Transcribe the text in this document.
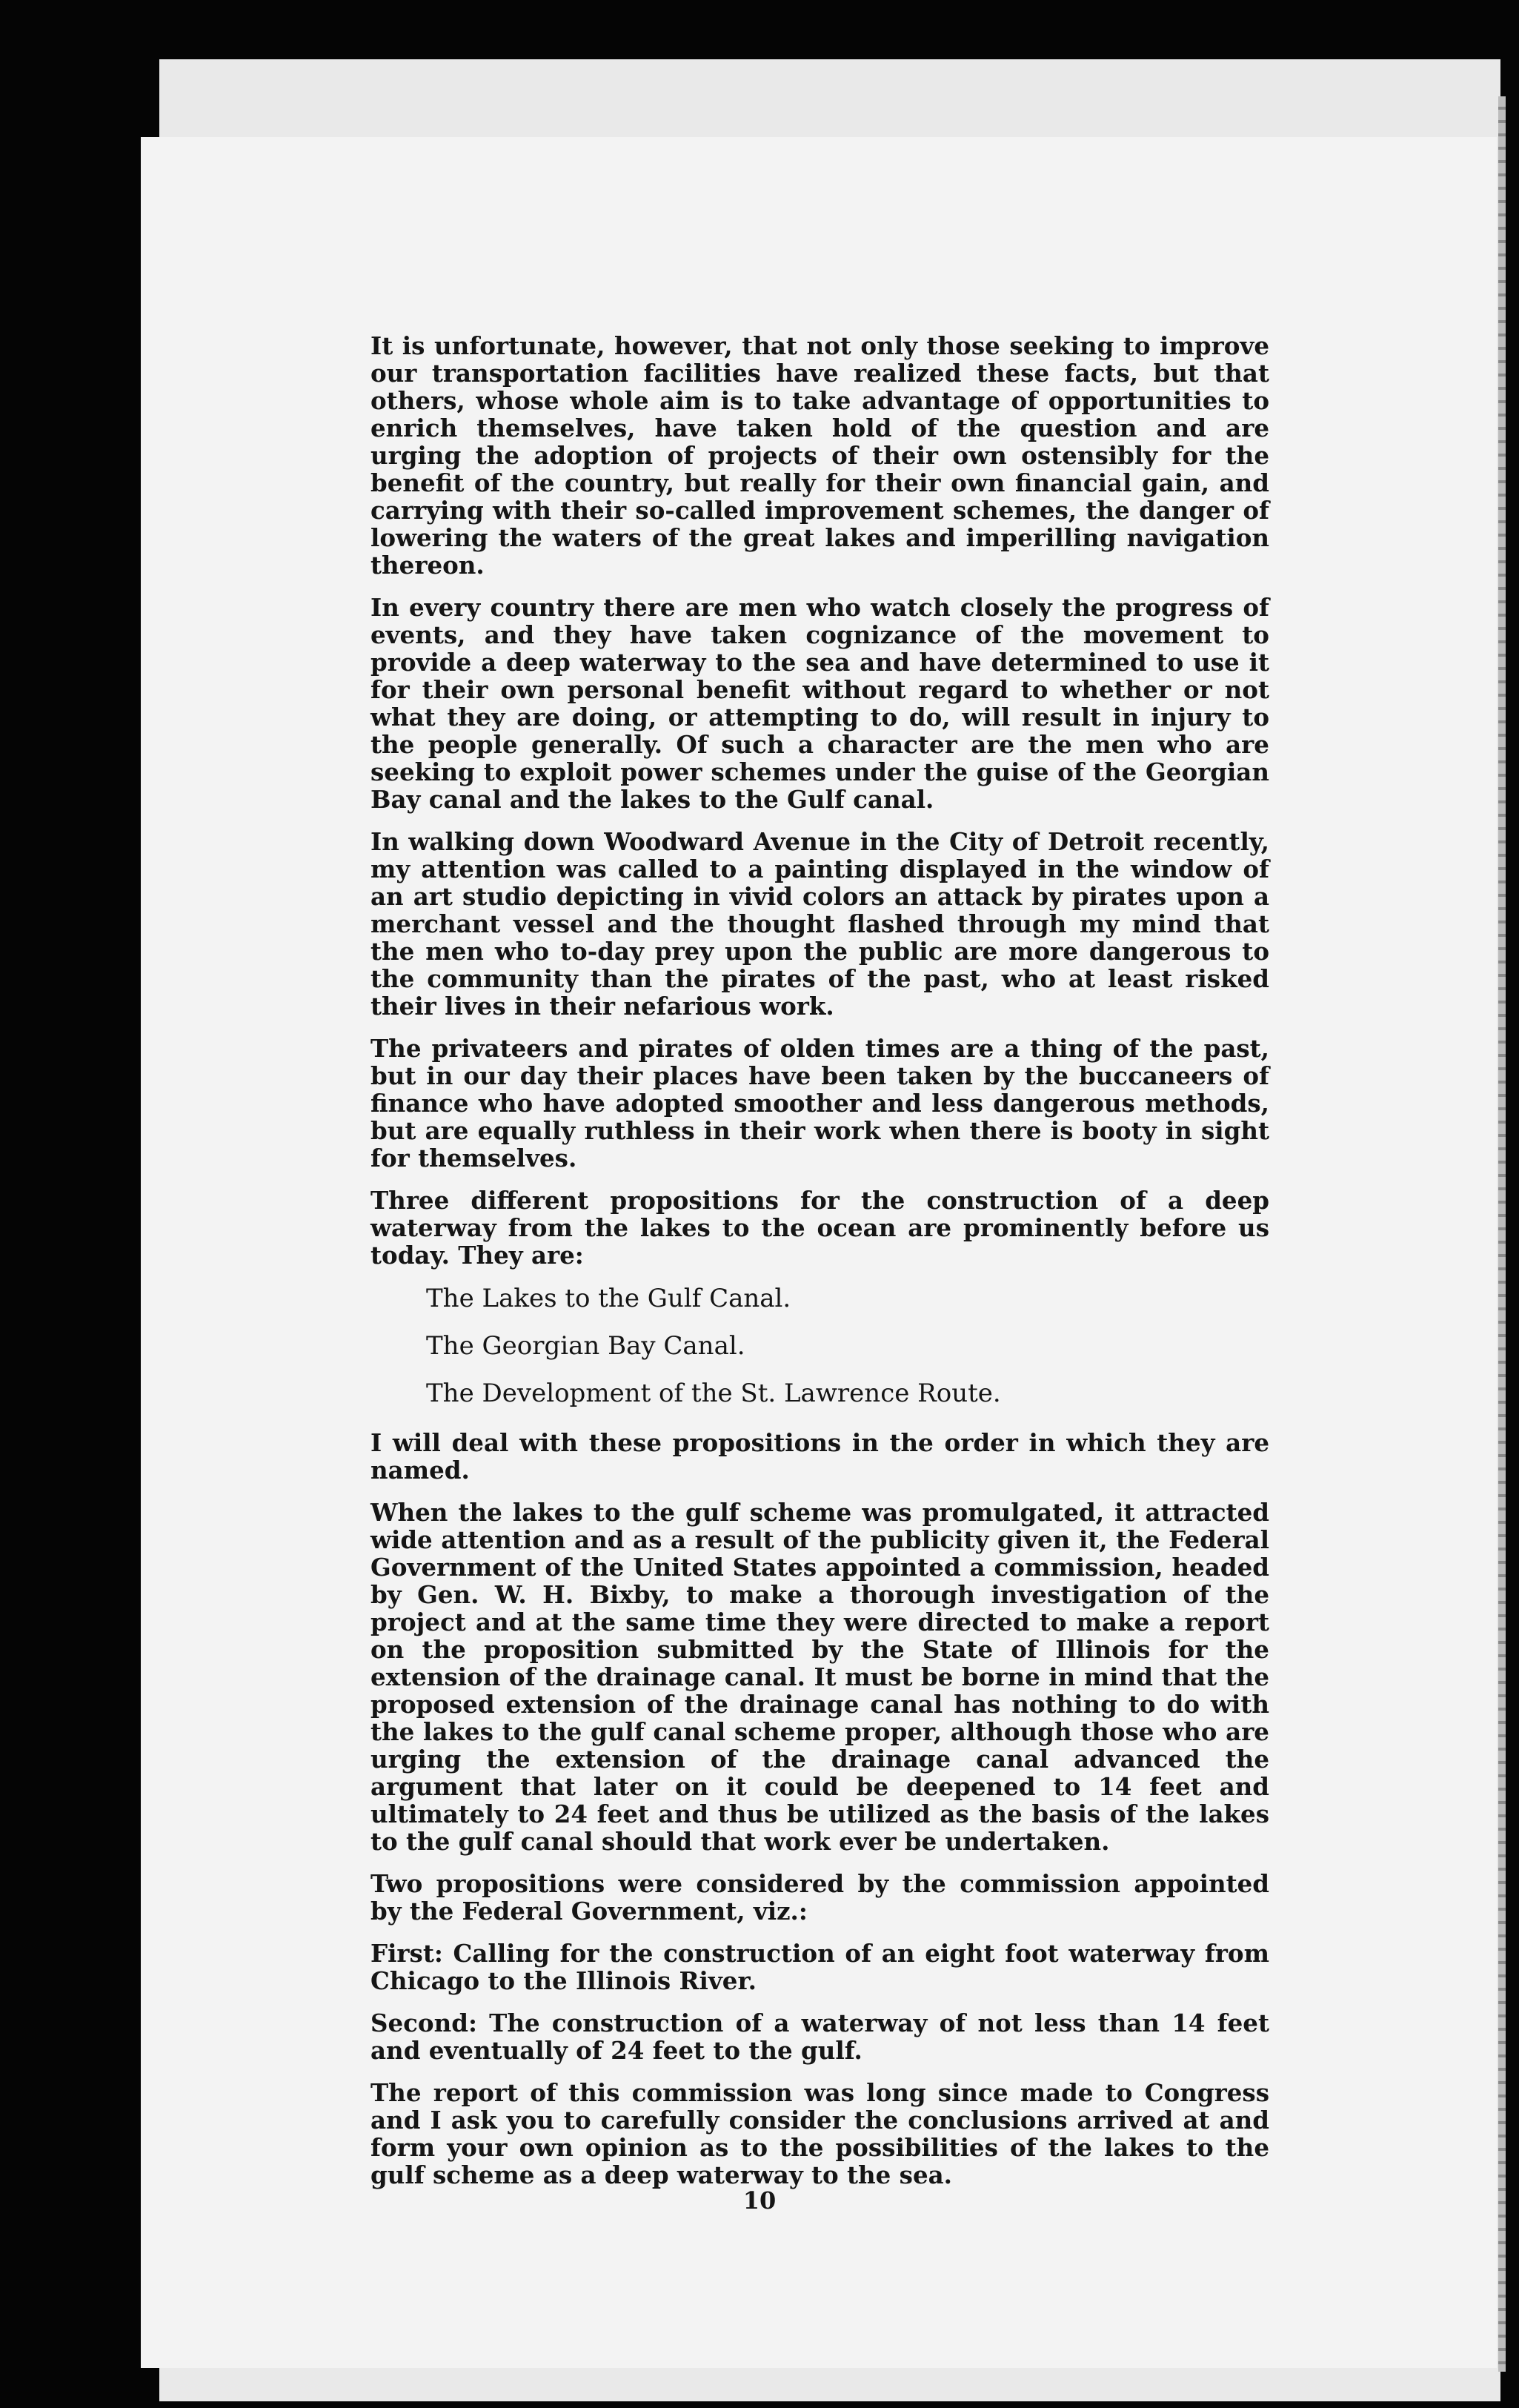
It is unfortunate, however, that not only those seeking to improve our transportation facilities have realized these facts, but that others, whose whole aim is to take advantage of opportunities to enrich themselves, have taken hold of the question and are urging the adoption of projects of their own ostensibly for the benefit of the country, but really for their own financial gain, and carrying with their so-called improvement schemes, the danger of lowering the waters of the great lakes and imperilling navigation thereon.

In every country there are men who watch closely the progress of events, and they have taken cognizance of the movement to provide a deep waterway to the sea and have determined to use it for their own personal benefit without regard to whether or not what they are doing, or attempting to do, will result in injury to the people generally. Of such a character are the men who are seeking to exploit power schemes under the guise of the Georgian Bay canal and the lakes to the Gulf canal.

In walking down Woodward Avenue in the City of Detroit recently, my attention was called to a painting displayed in the window of an art studio depicting in vivid colors an attack by pirates upon a merchant vessel and the thought flashed through my mind that the men who to-day prey upon the public are more dangerous to the community than the pirates of the past, who at least risked their lives in their nefarious work.

The privateers and pirates of olden times are a thing of the past, but in our day their places have been taken by the buccaneers of finance who have adopted smoother and less dangerous methods, but are equally ruthless in their work when there is booty in sight for themselves.

Three different propositions for the construction of a deep waterway from the lakes to the ocean are prominently before us today. They are:

The Lakes to the Gulf Canal.

The Georgian Bay Canal.

The Development of the St. Lawrence Route.

I will deal with these propositions in the order in which they are named.

When the lakes to the gulf scheme was promulgated, it attracted wide attention and as a result of the publicity given it, the Federal Government of the United States appointed a commission, headed by Gen. W. H. Bixby, to make a thorough investigation of the project and at the same time they were directed to make a report on the proposition submitted by the State of Illinois for the extension of the drainage canal. It must be borne in mind that the proposed extension of the drainage canal has nothing to do with the lakes to the gulf canal scheme proper, although those who are urging the extension of the drainage canal advanced the argument that later on it could be deepened to 14 feet and ultimately to 24 feet and thus be utilized as the basis of the lakes to the gulf canal should that work ever be undertaken.

Two propositions were considered by the commission appointed by the Federal Government, viz.:

First: Calling for the construction of an eight foot waterway from Chicago to the Illinois River.

Second: The construction of a waterway of not less than 14 feet and eventually of 24 feet to the gulf.

The report of this commission was long since made to Congress and I ask you to carefully consider the conclusions arrived at and form your own opinion as to the possibilities of the lakes to the gulf scheme as a deep waterway to the sea.

10
